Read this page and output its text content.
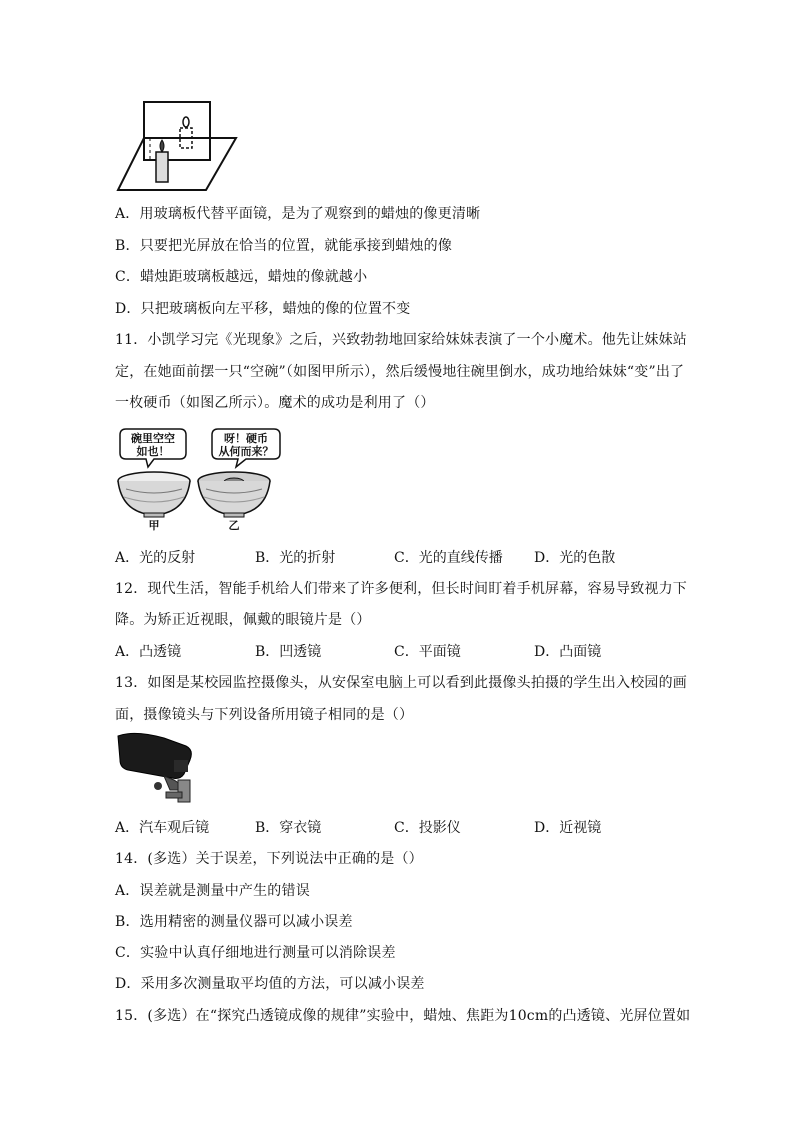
A．用玻璃板代替平面镜，是为了观察到的蜡烛的像更清晰
B．只要把光屏放在恰当的位置，就能承接到蜡烛的像
C．蜡烛距玻璃板越远，蜡烛的像就越小
D．只把玻璃板向左平移，蜡烛的像的位置不变
11．小凯学习完《光现象》之后，兴致勃勃地回家给妹妹表演了一个小魔术。他先让妹妹站
定，在她面前摆一只“空碗”（如图甲所示），然后缓慢地往碗里倒水，成功地给妹妹“变”出了
一枚硬币（如图乙所示）。魔术的成功是利用了（）
碗里空空
如也！
呀！硬币
从何而来？
甲	乙
A．光的反射	B．光的折射	C．光的直线传播 D．光的色散
12．现代生活，智能手机给人们带来了许多便利，但长时间盯着手机屏幕，容易导致视力下
降。为矫正近视眼，佩戴的眼镜片是（）
A．凸透镜	B．凹透镜	C．平面镜	D．凸面镜
13．如图是某校园监控摄像头，从安保室电脑上可以看到此摄像头拍摄的学生出入校园的画
面，摄像镜头与下列设备所用镜子相同的是（）
A．汽车观后镜	B．穿衣镜	C．投影仪	D．近视镜
14．(多选）关于误差，下列说法中正确的是（）
A．误差就是测量中产生的错误
B．选用精密的测量仪器可以减小误差
C．实验中认真仔细地进行测量可以消除误差
D．采用多次测量取平均值的方法，可以减小误差
15．(多选）在“探究凸透镜成像的规律”实验中，蜡烛、焦距为10cm的凸透镜、光屏位置如
